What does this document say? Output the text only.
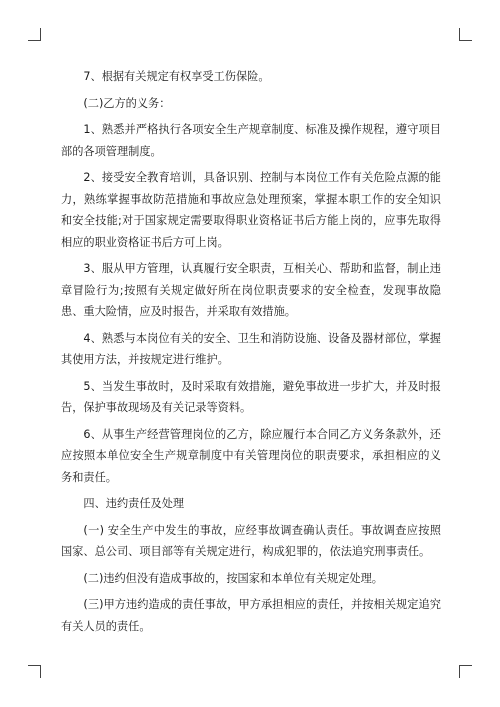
7、根据有关规定有权享受工伤保险。

(二)乙方的义务：

1、熟悉并严格执行各项安全生产规章制度、标准及操作规程，遵守项目部的各项管理制度。

2、接受安全教育培训，具备识别、控制与本岗位工作有关危险点源的能力，熟练掌握事故防范措施和事故应急处理预案，掌握本职工作的安全知识和安全技能;对于国家规定需要取得职业资格证书后方能上岗的，应事先取得相应的职业资格证书后方可上岗。

3、服从甲方管理，认真履行安全职责，互相关心、帮助和监督，制止违章冒险行为;按照有关规定做好所在岗位职责要求的安全检查，发现事故隐患、重大险情，应及时报告，并采取有效措施。

4、熟悉与本岗位有关的安全、卫生和消防设施、设备及器材部位，掌握其使用方法，并按规定进行维护。

5、当发生事故时，及时采取有效措施，避免事故进一步扩大，并及时报告，保护事故现场及有关记录等资料。

6、从事生产经营管理岗位的乙方，除应履行本合同乙方义务条款外，还应按照本单位安全生产规章制度中有关管理岗位的职责要求，承担相应的义务和责任。

四、违约责任及处理

(一) 安全生产中发生的事故，应经事故调查确认责任。事故调查应按照国家、总公司、项目部等有关规定进行，构成犯罪的，依法追究刑事责任。

(二)违约但没有造成事故的，按国家和本单位有关规定处理。

(三)甲方违约造成的责任事故，甲方承担相应的责任，并按相关规定追究有关人员的责任。
